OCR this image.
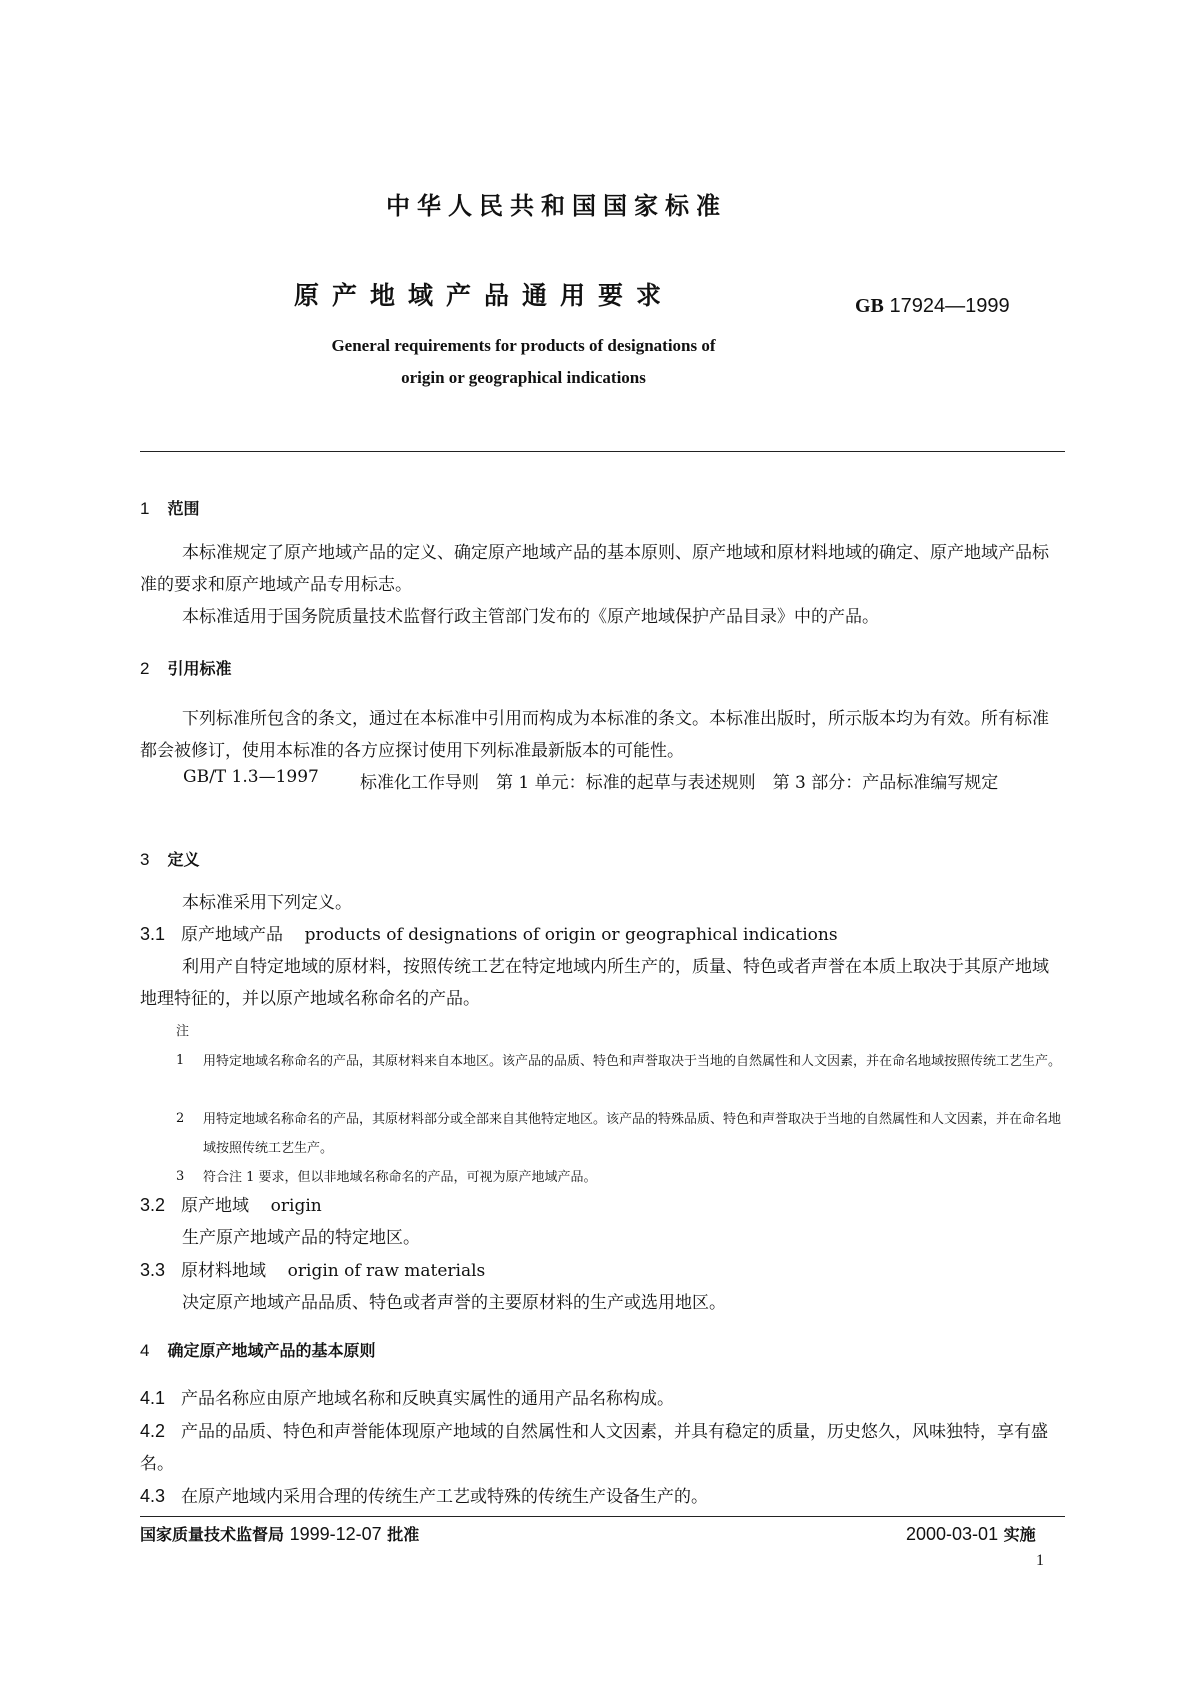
中华人民共和国国家标准
原产地域产品通用要求	GB 17924—1999
General requirements for products of designations of
origin or geographical indications
1 范围
本标准规定了原产地域产品的定义、确定原产地域产品的基本原则、原产地域和原材料地域的确定、原产地域产品标准的要求和原产地域产品专用标志。
本标准适用于国务院质量技术监督行政主管部门发布的《原产地域保护产品目录》中的产品。
2 引用标准
下列标准所包含的条文，通过在本标准中引用而构成为本标准的条文。本标准出版时，所示版本均为有效。所有标准都会被修订，使用本标准的各方应探讨使用下列标准最新版本的可能性。
GB/T 1.3—1997 标准化工作导则　第 1 单元：标准的起草与表述规则　第 3 部分：产品标准编写规定
3 定义
本标准采用下列定义。
3.1 原产地域产品 products of designations of origin or geographical indications
利用产自特定地域的原材料，按照传统工艺在特定地域内所生产的，质量、特色或者声誉在本质上取决于其原产地域地理特征的，并以原产地域名称命名的产品。
注
1 用特定地域名称命名的产品，其原材料来自本地区。该产品的品质、特色和声誉取决于当地的自然属性和人文因素，并在命名地域按照传统工艺生产。
2 用特定地域名称命名的产品，其原材料部分或全部来自其他特定地区。该产品的特殊品质、特色和声誉取决于当地的自然属性和人文因素，并在命名地域按照传统工艺生产。
3 符合注 1 要求，但以非地域名称命名的产品，可视为原产地域产品。
3.2 原产地域 origin
生产原产地域产品的特定地区。
3.3 原材料地域 origin of raw materials
决定原产地域产品品质、特色或者声誉的主要原材料的生产或选用地区。
4 确定原产地域产品的基本原则
4.1 产品名称应由原产地域名称和反映真实属性的通用产品名称构成。
4.2 产品的品质、特色和声誉能体现原产地域的自然属性和人文因素，并具有稳定的质量，历史悠久，风味独特，享有盛名。
4.3 在原产地域内采用合理的传统生产工艺或特殊的传统生产设备生产的。
国家质量技术监督局 1999-12-07 批准	2000-03-01 实施
1
